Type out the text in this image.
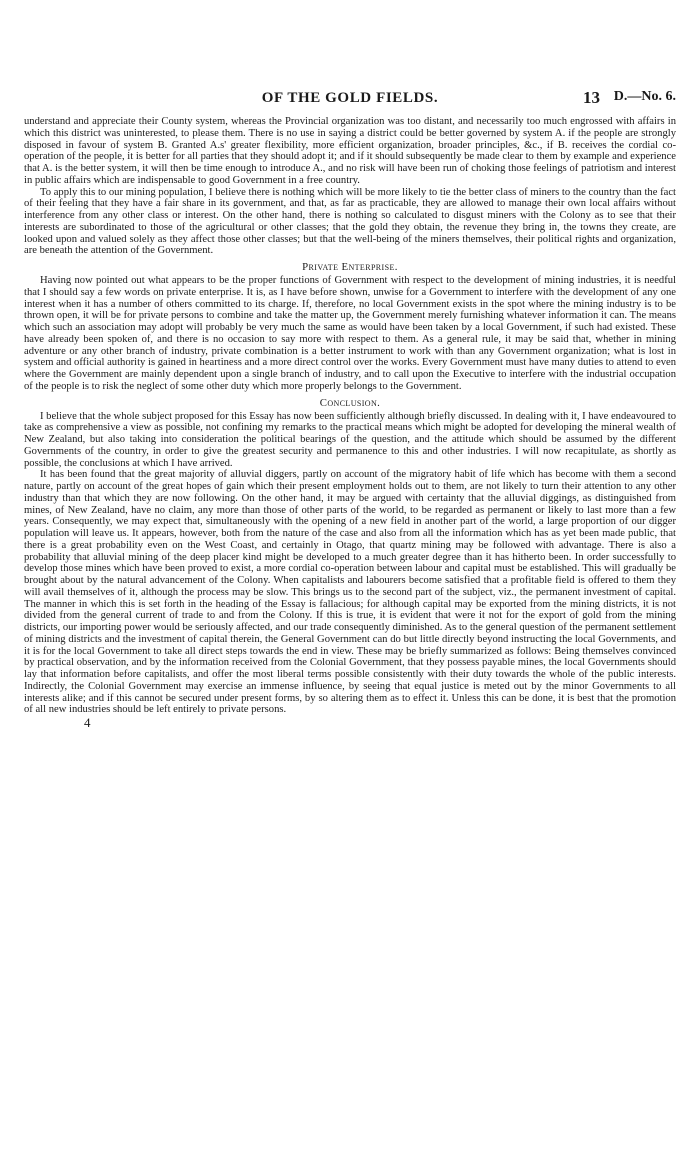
OF THE GOLD FIELDS.	13 D.—No. 6.

understand and appreciate their County system, whereas the Provincial organization was too distant, and necessarily too much engrossed with affairs in which this district was uninterested, to please them. There is no use in saying a district could be better governed by system A. if the people are strongly disposed in favour of system B. Granted A.s' greater flexibility, more efficient organization, broader principles, &c., if B. receives the cordial co-operation of the people, it is better for all parties that they should adopt it; and if it should subsequently be made clear to them by example and experience that A. is the better system, it will then be time enough to introduce A., and no risk will have been run of choking those feelings of patriotism and interest in public affairs which are indispensable to good Government in a free country.

To apply this to our mining population, I believe there is nothing which will be more likely to tie the better class of miners to the country than the fact of their feeling that they have a fair share in its government, and that, as far as practicable, they are allowed to manage their own local affairs without interference from any other class or interest. On the other hand, there is nothing so calculated to disgust miners with the Colony as to see that their interests are subordinated to those of the agricultural or other classes; that the gold they obtain, the revenue they bring in, the towns they create, are looked upon and valued solely as they affect those other classes; but that the well-being of the miners themselves, their political rights and organization, are beneath the attention of the Government.

Private Enterprise.

Having now pointed out what appears to be the proper functions of Government with respect to the development of mining industries, it is needful that I should say a few words on private enterprise. It is, as I have before shown, unwise for a Government to interfere with the development of any one interest when it has a number of others committed to its charge. If, therefore, no local Government exists in the spot where the mining industry is to be thrown open, it will be for private persons to combine and take the matter up, the Government merely furnishing whatever information it can. The means which such an association may adopt will probably be very much the same as would have been taken by a local Government, if such had existed. These have already been spoken of, and there is no occasion to say more with respect to them. As a general rule, it may be said that, whether in mining adventure or any other branch of industry, private combination is a better instrument to work with than any Government organization; what is lost in system and official authority is gained in heartiness and a more direct control over the works. Every Government must have many duties to attend to even where the Government are mainly dependent upon a single branch of industry, and to call upon the Executive to interfere with the industrial occupation of the people is to risk the neglect of some other duty which more properly belongs to the Government.

Conclusion.

I believe that the whole subject proposed for this Essay has now been sufficiently although briefly discussed. In dealing with it, I have endeavoured to take as comprehensive a view as possible, not confining my remarks to the practical means which might be adopted for developing the mineral wealth of New Zealand, but also taking into consideration the political bearings of the question, and the attitude which should be assumed by the different Governments of the country, in order to give the greatest security and permanence to this and other industries. I will now recapitulate, as shortly as possible, the conclusions at which I have arrived.

It has been found that the great majority of alluvial diggers, partly on account of the migratory habit of life which has become with them a second nature, partly on account of the great hopes of gain which their present employment holds out to them, are not likely to turn their attention to any other industry than that which they are now following. On the other hand, it may be argued with certainty that the alluvial diggings, as distinguished from mines, of New Zealand, have no claim, any more than those of other parts of the world, to be regarded as permanent or likely to last more than a few years. Consequently, we may expect that, simultaneously with the opening of a new field in another part of the world, a large proportion of our digger population will leave us. It appears, however, both from the nature of the case and also from all the information which has as yet been made public, that there is a great probability even on the West Coast, and certainly in Otago, that quartz mining may be followed with advantage. There is also a probability that alluvial mining of the deep placer kind might be developed to a much greater degree than it has hitherto been. In order successfully to develop those mines which have been proved to exist, a more cordial co-operation between labour and capital must be established. This will gradually be brought about by the natural advancement of the Colony. When capitalists and labourers become satisfied that a profitable field is offered to them they will avail themselves of it, although the process may be slow. This brings us to the second part of the subject, viz., the permanent investment of capital. The manner in which this is set forth in the heading of the Essay is fallacious; for although capital may be exported from the mining districts, it is not divided from the general current of trade to and from the Colony. If this is true, it is evident that were it not for the export of gold from the mining districts, our importing power would be seriously affected, and our trade consequently diminished. As to the general question of the permanent settlement of mining districts and the investment of capital therein, the General Government can do but little directly beyond instructing the local Governments, and it is for the local Government to take all direct steps towards the end in view. These may be briefly summarized as follows: Being themselves convinced by practical observation, and by the information received from the Colonial Government, that they possess payable mines, the local Governments should lay that information before capitalists, and offer the most liberal terms possible consistently with their duty towards the whole of the public interests. Indirectly, the Colonial Government may exercise an immense influence, by seeing that equal justice is meted out by the minor Governments to all interests alike; and if this cannot be secured under present forms, by so altering them as to effect it. Unless this can be done, it is best that the promotion of all new industries should be left entirely to private persons.

4
